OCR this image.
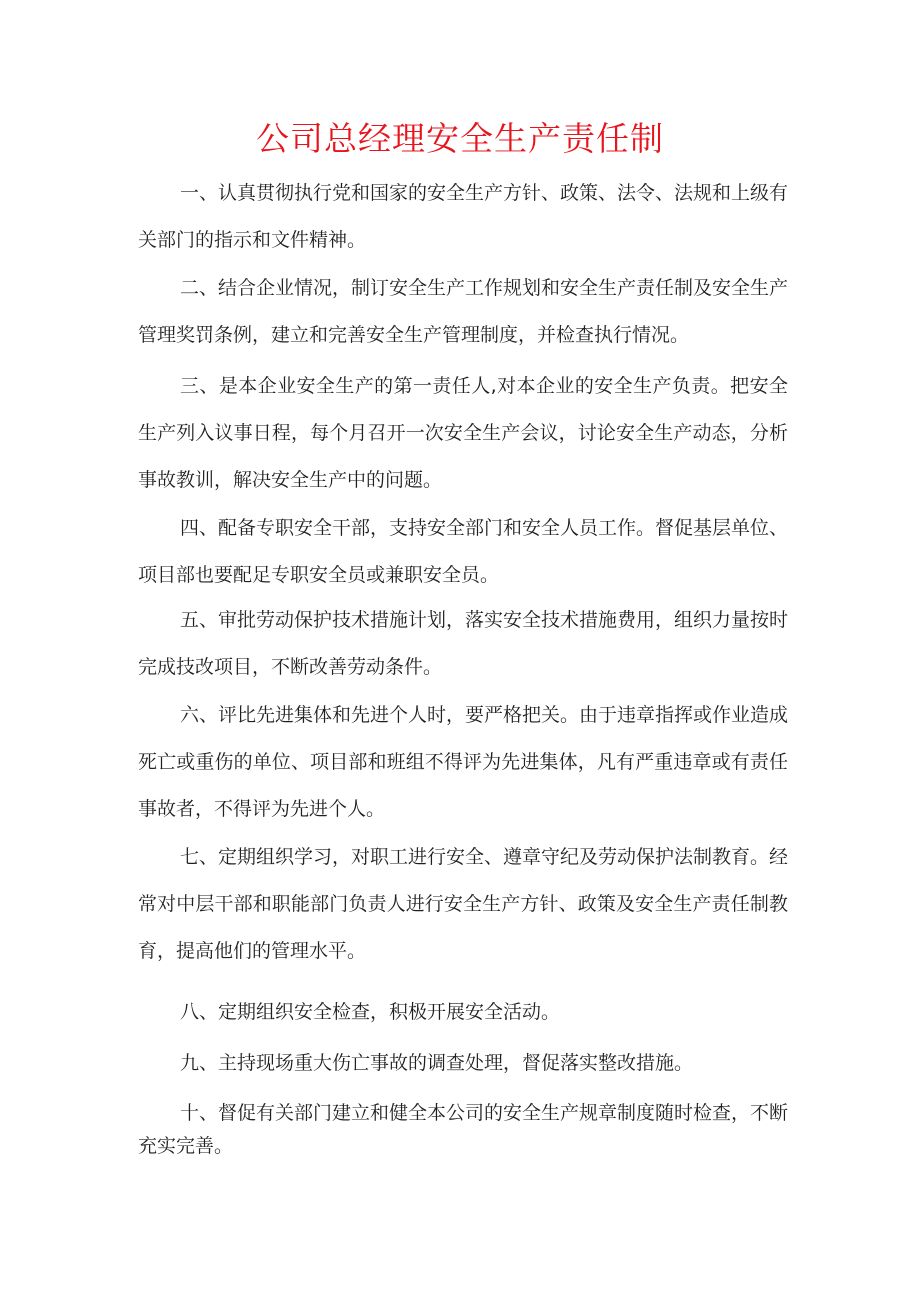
公司总经理安全生产责任制

一、认真贯彻执行党和国家的安全生产方针、政策、法令、法规和上级有关部门的指示和文件精神。

二、结合企业情况，制订安全生产工作规划和安全生产责任制及安全生产管理奖罚条例，建立和完善安全生产管理制度，并检查执行情况。

三、是本企业安全生产的第一责任人,对本企业的安全生产负责。把安全生产列入议事日程，每个月召开一次安全生产会议，讨论安全生产动态，分析事故教训，解决安全生产中的问题。

四、配备专职安全干部，支持安全部门和安全人员工作。督促基层单位、项目部也要配足专职安全员或兼职安全员。

五、审批劳动保护技术措施计划，落实安全技术措施费用，组织力量按时完成技改项目，不断改善劳动条件。

六、评比先进集体和先进个人时，要严格把关。由于违章指挥或作业造成死亡或重伤的单位、项目部和班组不得评为先进集体，凡有严重违章或有责任事故者，不得评为先进个人。

七、定期组织学习，对职工进行安全、遵章守纪及劳动保护法制教育。经常对中层干部和职能部门负责人进行安全生产方针、政策及安全生产责任制教育，提高他们的管理水平。

八、定期组织安全检查，积极开展安全活动。

九、主持现场重大伤亡事故的调查处理，督促落实整改措施。

十、督促有关部门建立和健全本公司的安全生产规章制度随时检查，不断充实完善。
